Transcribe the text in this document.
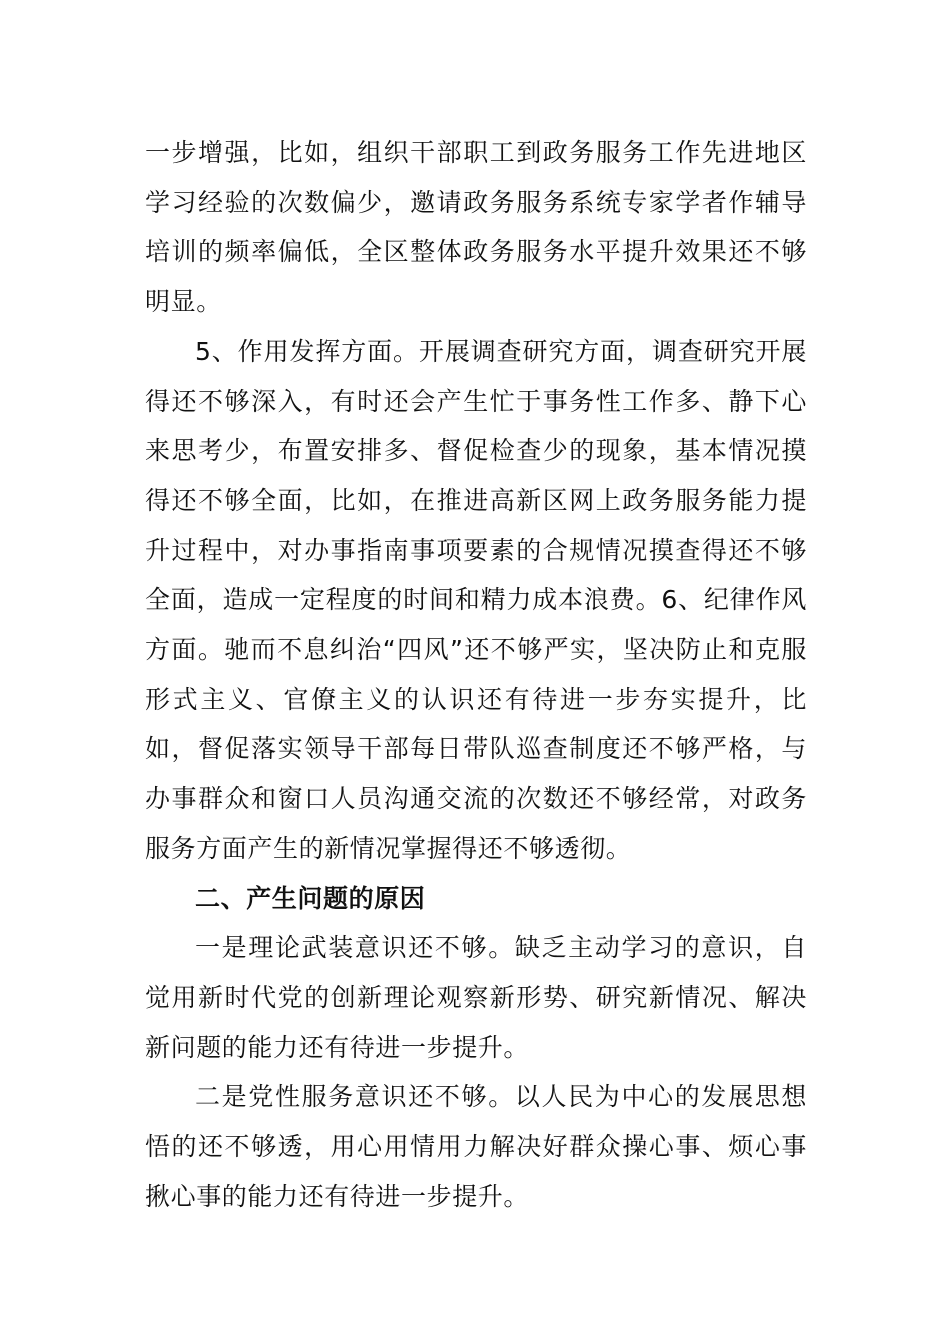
一步增强，比如，组织干部职工到政务服务工作先进地区学习经验的次数偏少，邀请政务服务系统专家学者作辅导培训的频率偏低，全区整体政务服务水平提升效果还不够明显。

5、作用发挥方面。开展调查研究方面，调查研究开展得还不够深入，有时还会产生忙于事务性工作多、静下心来思考少，布置安排多、督促检查少的现象，基本情况摸得还不够全面，比如，在推进高新区网上政务服务能力提升过程中，对办事指南事项要素的合规情况摸查得还不够全面，造成一定程度的时间和精力成本浪费。6、纪律作风方面。驰而不息纠治“四风”还不够严实，坚决防止和克服形式主义、官僚主义的认识还有待进一步夯实提升，比如，督促落实领导干部每日带队巡查制度还不够严格，与办事群众和窗口人员沟通交流的次数还不够经常，对政务服务方面产生的新情况掌握得还不够透彻。

二、产生问题的原因

一是理论武装意识还不够。缺乏主动学习的意识，自觉用新时代党的创新理论观察新形势、研究新情况、解决新问题的能力还有待进一步提升。

二是党性服务意识还不够。以人民为中心的发展思想悟的还不够透，用心用情用力解决好群众操心事、烦心事揪心事的能力还有待进一步提升。
